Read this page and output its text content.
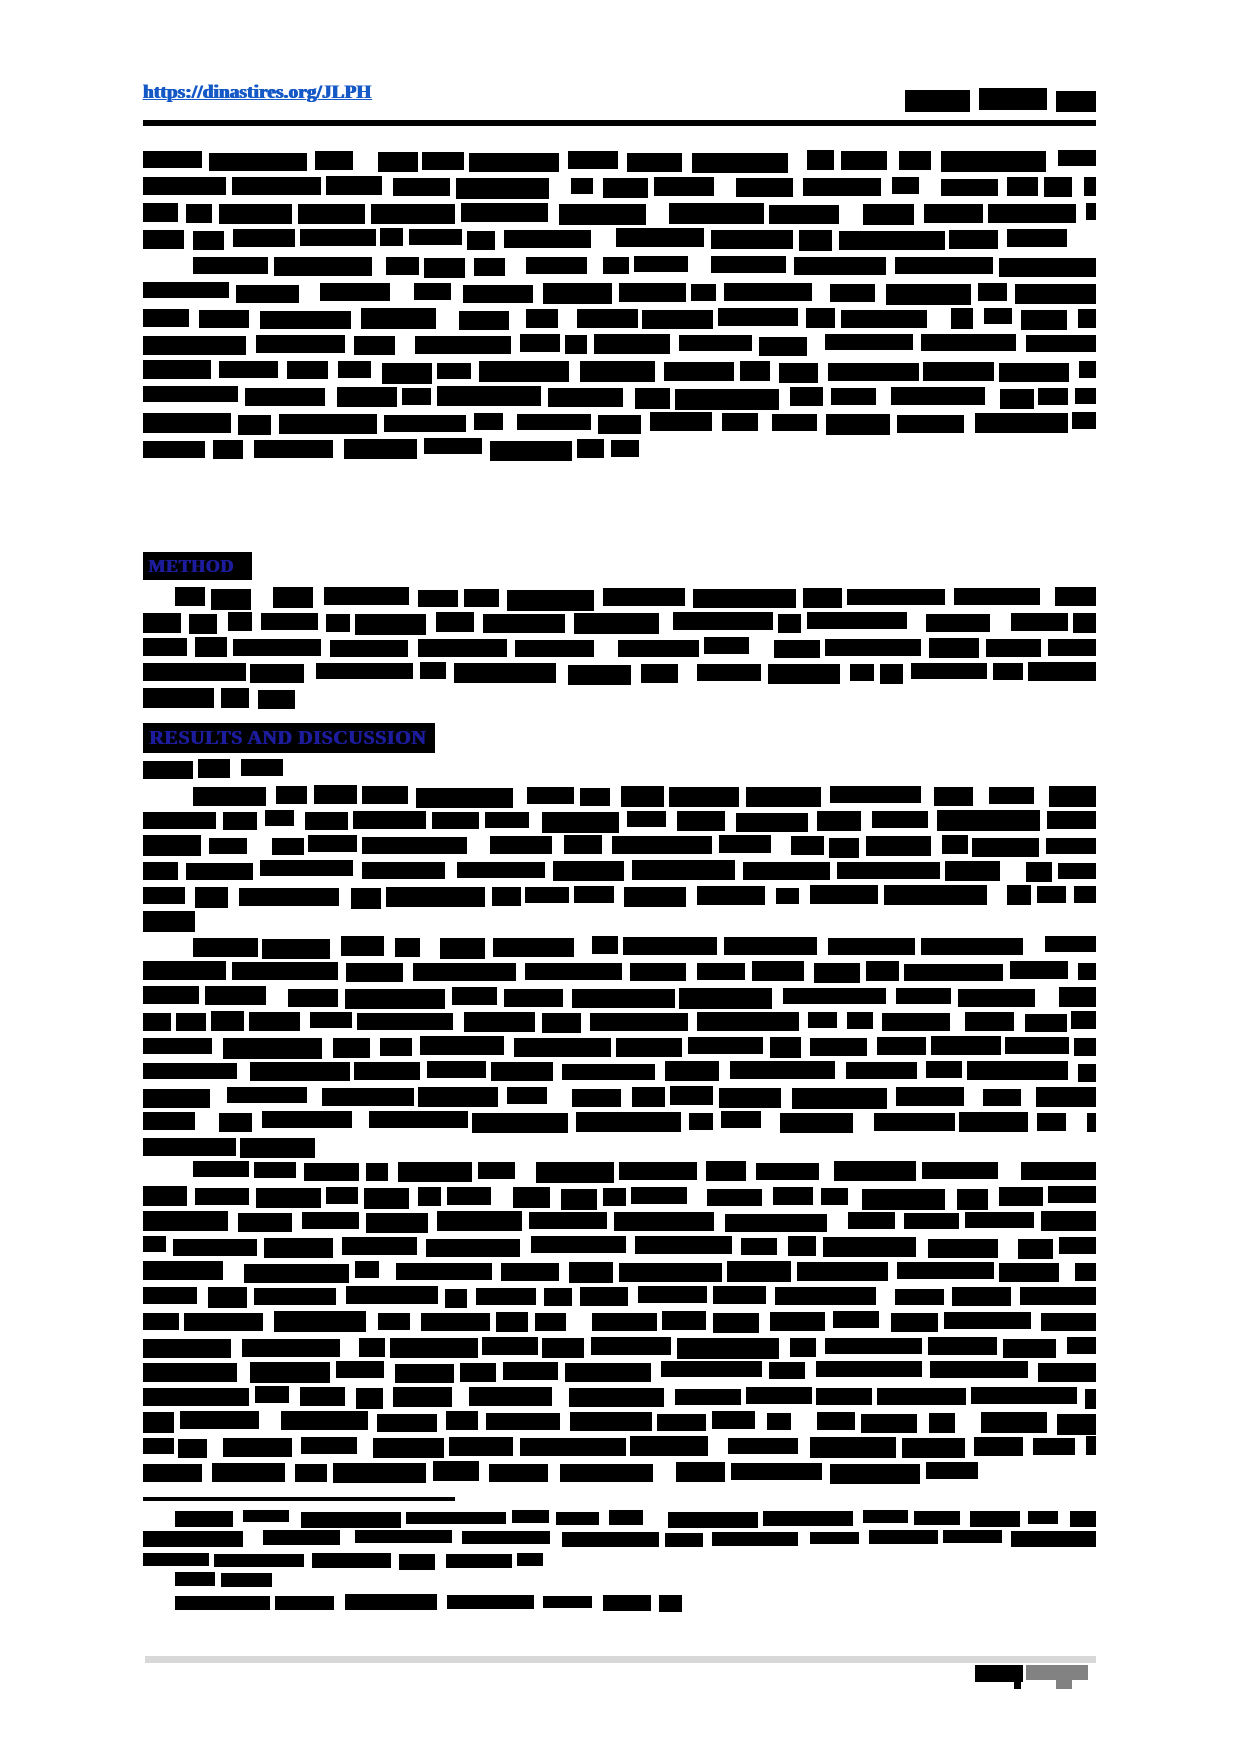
https://dinastires.org/JLPH
METHOD
RESULTS AND DISCUSSION
